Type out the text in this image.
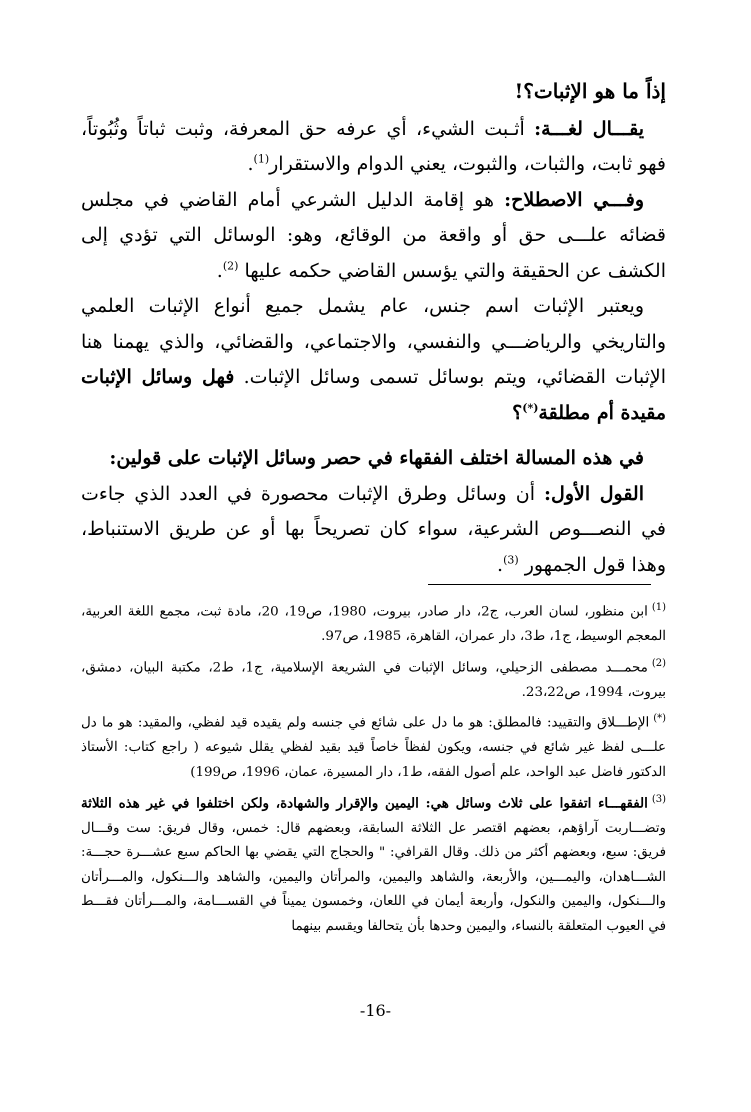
إذاً ما هو الإثبات؟!

يقـــال لغـــة: أثـبت الشيء، أي عرفه حق المعرفة، وثبت ثباتاً وثُبُوتاً، فهو ثابت، والثبات، والثبوت، يعني الدوام والاستقرار$^{(1)}$.

وفـــي الاصطلاح: هو إقامة الدليل الشرعي أمام القاضي في مجلس قضائه علـــى حق أو واقعة من الوقائع، وهو: الوسائل التي تؤدي إلى الكشف عن الحقيقة والتي يؤسس القاضي حكمه عليها $^{(2)}$.

ويعتبر الإثبات اسم جنس، عام يشمل جميع أنواع الإثبات العلمي والتاريخي والرياضـــي والنفسي، والاجتماعي، والقضائي، والذي يهمنا هنا الإثبات القضائي، ويتم بوسائل تسمى وسائل الإثبات. فهل وسائل الإثبات مقيدة أم مطلقة(*)؟

في هذه المسالة اختلف الفقهاء في حصر وسائل الإثبات على قولين:

القول الأول: أن وسائل وطرق الإثبات محصورة في العدد الذي جاءت في النصـــوص الشرعية، سواء كان تصريحاً بها أو عن طريق الاستنباط، وهذا قول الجمهور $^{(3)}$.

$^{(1)}$ابن منظور، لسان العرب، ج2، دار صادر، بيروت، 1980، ص19، 20، مادة ثبت، مجمع اللغة العربية، المعجم الوسيط، ج1، ط3، دار عمران، القاهرة، 1985، ص97.

$^{(2)}$محمـــد مصطفى الزحيلي، وسائل الإثبات في الشريعة الإسلامية، ج1، ط2، مكتبة البيان، دمشق، بيروت، 1994، ص23،22.

(*)الإطـــلاق والتقييد: فالمطلق: هو ما دل على شائع في جنسه ولم يقيده قيد لفظي، والمقيد: هو ما دل علـــى لفظ غير شائع في جنسه، ويكون لفظاً خاصاً قيد بقيد لفظي يقلل شيوعه ( راجع كتاب: الأستاذ الدكتور فاضل عبد الواحد، علم أصول الفقه، ط1، دار المسيرة، عمان، 1996، ص199)

$^{(3)}$الفقهـــاء اتفقوا على ثلاث وسائل هي: اليمين والإقرار والشهادة، ولكن اختلفوا في غير هذه الثلاثة وتضـــاربت آراؤهم، بعضهم اقتصر عل الثلاثة السابقة، وبعضهم قال: خمس، وقال فريق: ست وقـــال فريق: سبع، وبعضهم أكثر من ذلك. وقال القرافي: " والحجاج التي يقضي بها الحاكم سبع عشـــرة حجـــة: الشـــاهدان، واليمـــين، والأربعة، والشاهد واليمين، والمرأتان واليمين، والشاهد والـــنكول، والمـــرأتان والـــنكول، واليمين والنكول، وأربعة أيمان في اللعان، وخمسون يميناً في القســـامة، والمـــرأتان فقـــط في العيوب المتعلقة بالنساء، واليمين وحدها بأن يتحالفا ويقسم بينهما

-16-
